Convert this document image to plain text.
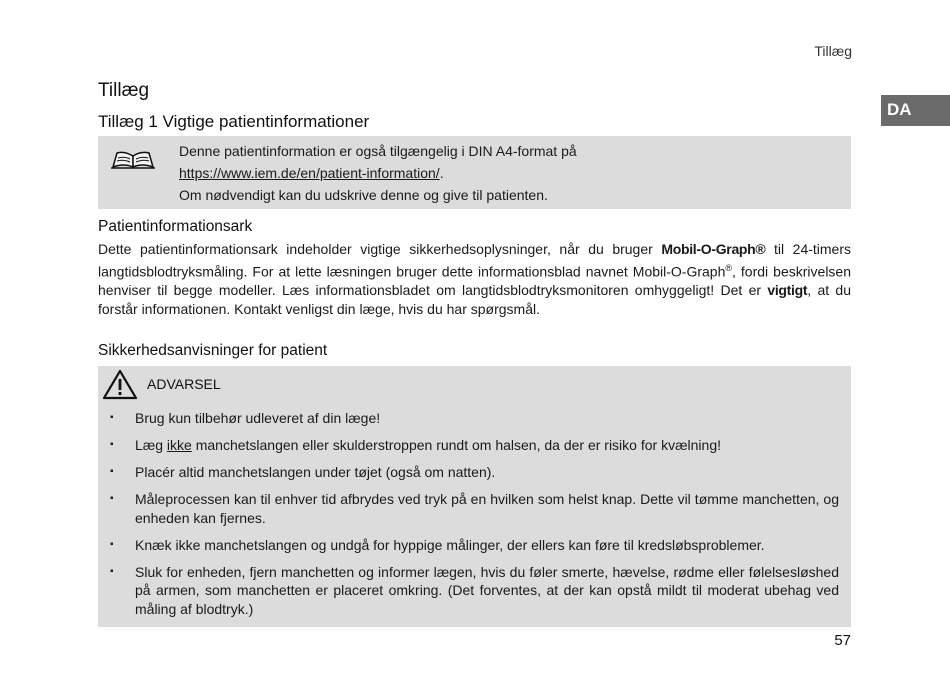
Tillæg
DA
Tillæg
Tillæg 1 Vigtige patientinformationer
Denne patientinformation er også tilgængelig i DIN A4-format på
https://www.iem.de/en/patient-information/.
Om nødvendigt kan du udskrive denne og give til patienten.
Patientinformationsark
Dette patientinformationsark indeholder vigtige sikkerhedsoplysninger, når du bruger Mobil-O-Graph® til 24-timers langtidsblodtryksmåling. For at lette læsningen bruger dette informationsblad navnet Mobil-O-Graph®, fordi beskrivelsen henviser til begge modeller. Læs informationsbladet om langtidsblodtryksmonitoren omhyggeligt! Det er vigtigt, at du forstår informationen. Kontakt venligst din læge, hvis du har spørgsmål.
Sikkerhedsanvisninger for patient
ADVARSEL
▪ Brug kun tilbehør udleveret af din læge!
▪ Læg ikke manchetslangen eller skulderstroppen rundt om halsen, da der er risiko for kvælning!
▪ Placér altid manchetslangen under tøjet (også om natten).
▪ Måleprocessen kan til enhver tid afbrydes ved tryk på en hvilken som helst knap. Dette vil tømme manchetten, og enheden kan fjernes.
▪ Knæk ikke manchetslangen og undgå for hyppige målinger, der ellers kan føre til kredsløbsproblemer.
▪ Sluk for enheden, fjern manchetten og informer lægen, hvis du føler smerte, hævelse, rødme eller følelsesløshed på armen, som manchetten er placeret omkring. (Det forventes, at der kan opstå mildt til moderat ubehag ved måling af blodtryk.)
57
